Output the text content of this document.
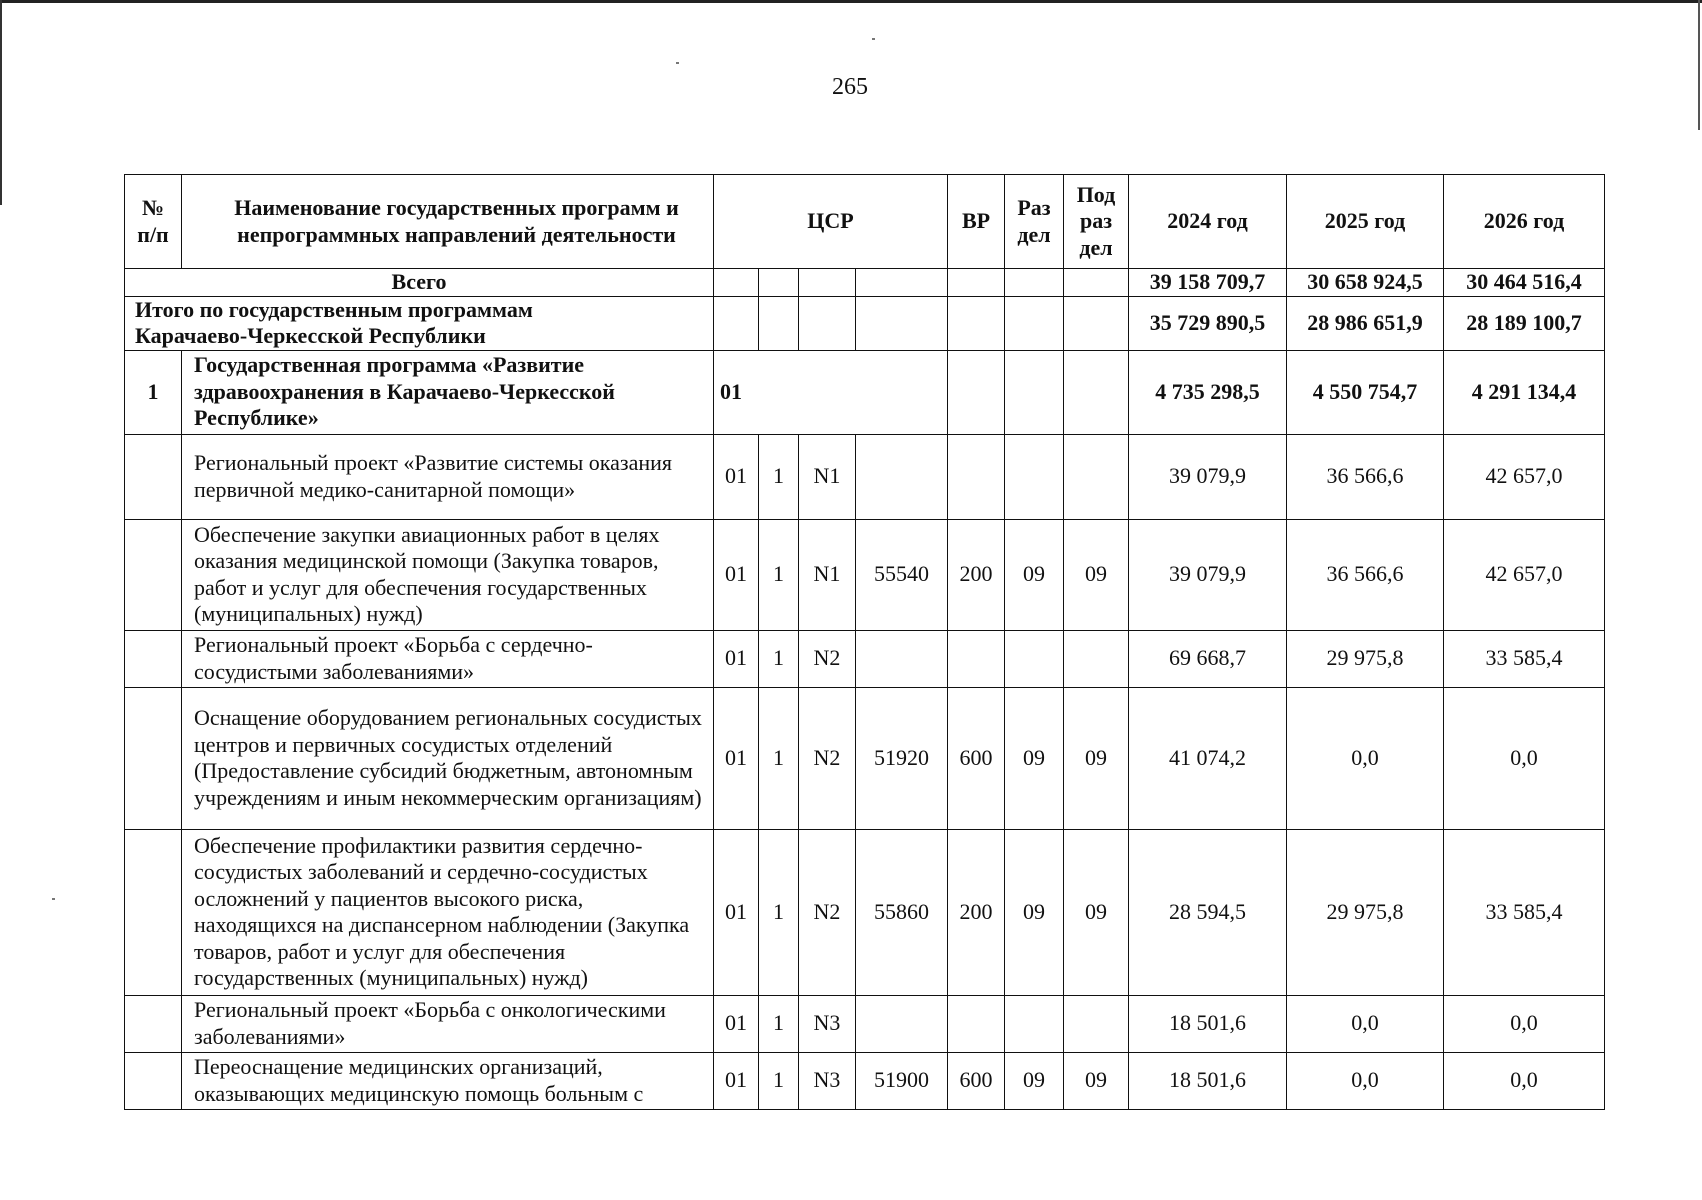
265
№ п/п	Наименование государственных программ и непрограммных направлений деятельности	ЦСР				ВР	Раз дел	Под раз дел	2024 год	2025 год	2026 год
Всего									39 158 709,7	30 658 924,5	30 464 516,4
Итого по государственным программам Карачаево-Черкесской Республики									35 729 890,5	28 986 651,9	28 189 100,7
1	Государственная программа «Развитие здравоохранения в Карачаево-Черкесской Республике»	01							4 735 298,5	4 550 754,7	4 291 134,4
	Региональный проект «Развитие системы оказания первичной медико-санитарной помощи»	01	1	N1					39 079,9	36 566,6	42 657,0
	Обеспечение закупки авиационных работ в целях оказания медицинской помощи (Закупка товаров, работ и услуг для обеспечения государственных (муниципальных) нужд)	01	1	N1	55540	200	09	09	39 079,9	36 566,6	42 657,0
	Региональный проект «Борьба с сердечно-сосудистыми заболеваниями»	01	1	N2					69 668,7	29 975,8	33 585,4
	Оснащение оборудованием региональных сосудистых центров и первичных сосудистых отделений (Предоставление субсидий бюджетным, автономным учреждениям и иным некоммерческим организациям)	01	1	N2	51920	600	09	09	41 074,2	0,0	0,0
	Обеспечение профилактики развития сердечно-сосудистых заболеваний и сердечно-сосудистых осложнений у пациентов высокого риска, находящихся на диспансерном наблюдении (Закупка товаров, работ и услуг для обеспечения государственных (муниципальных) нужд)	01	1	N2	55860	200	09	09	28 594,5	29 975,8	33 585,4
	Региональный проект «Борьба с онкологическими заболеваниями»	01	1	N3					18 501,6	0,0	0,0
	Переоснащение медицинских организаций, оказывающих медицинскую помощь больным с	01	1	N3	51900	600	09	09	18 501,6	0,0	0,0
